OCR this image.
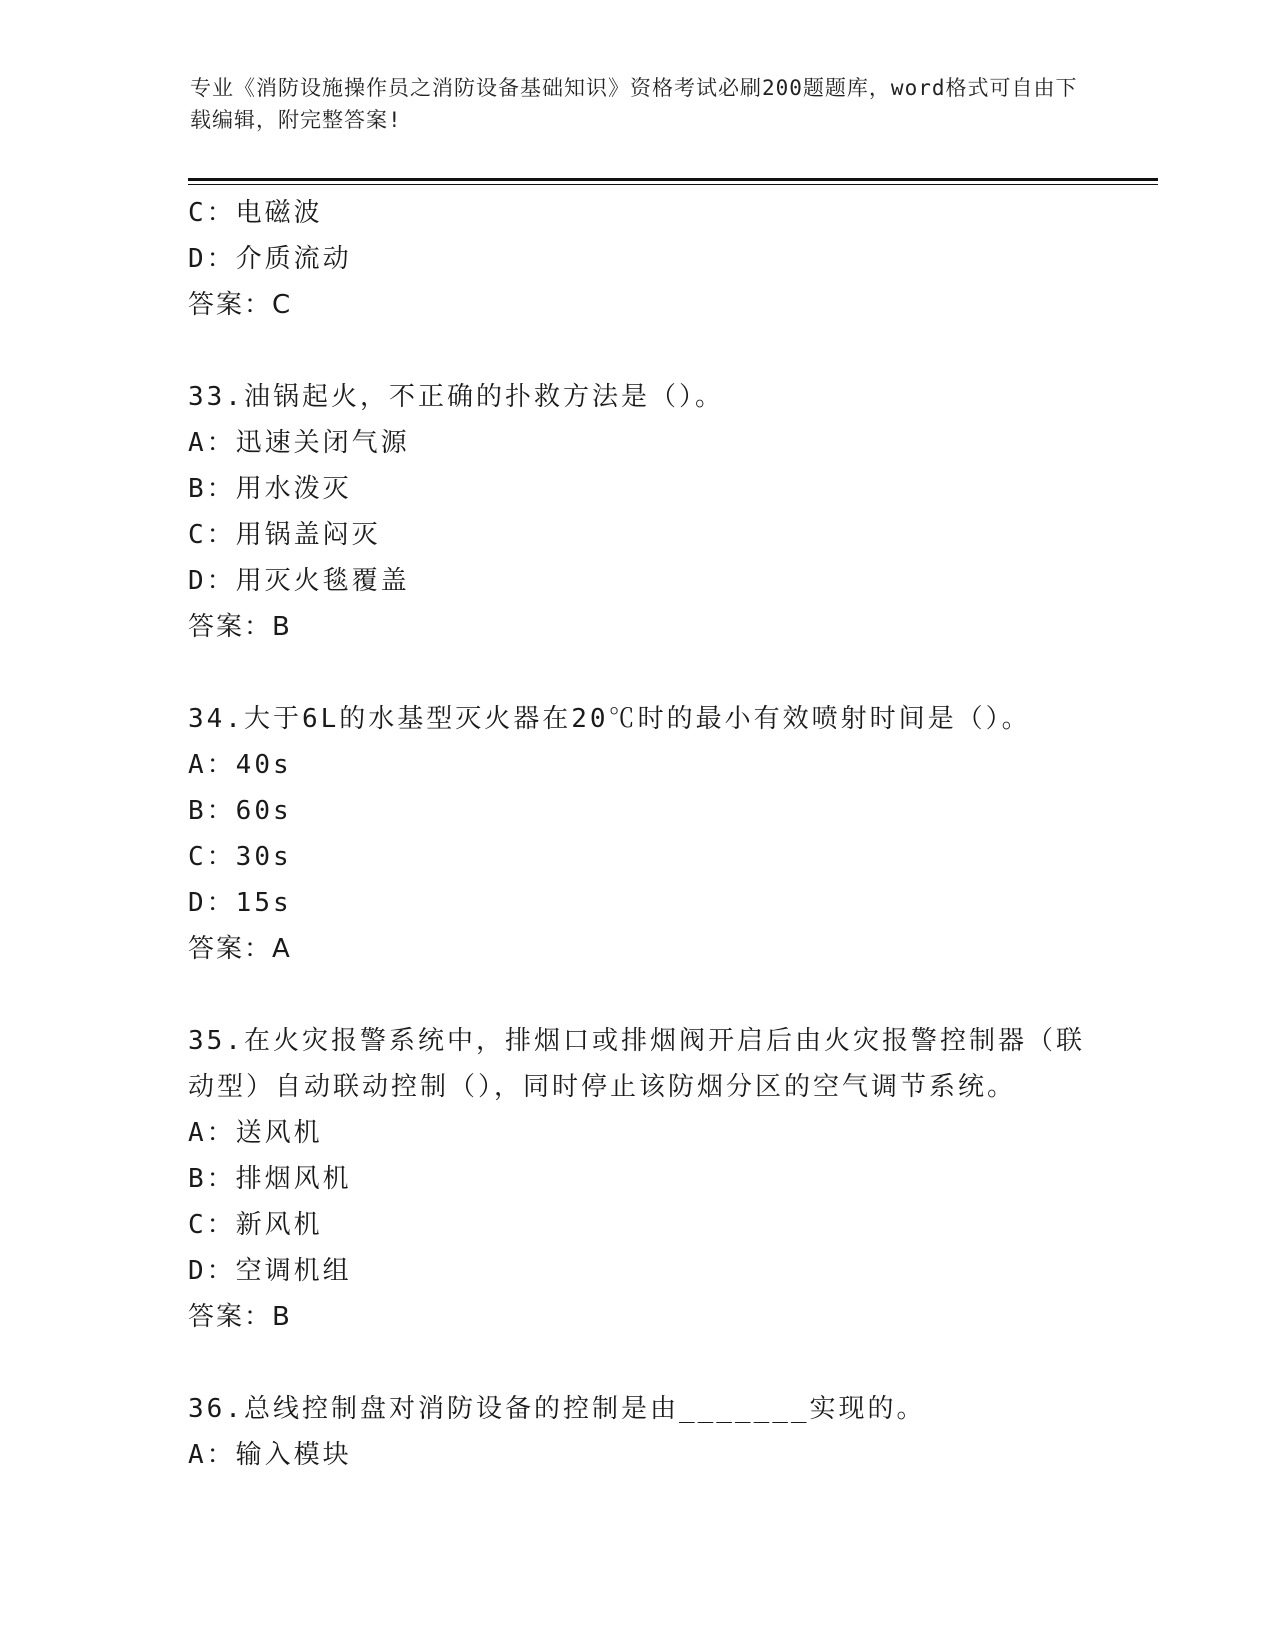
专业《消防设施操作员之消防设备基础知识》资格考试必刷200题题库，word格式可自由下载编辑，附完整答案!
C：电磁波
D：介质流动
答案：C
33.油锅起火，不正确的扑救方法是（）。
A：迅速关闭气源
B：用水泼灭
C：用锅盖闷灭
D：用灭火毯覆盖
答案：B
34.大于6L的水基型灭火器在20℃时的最小有效喷射时间是（）。
A：40s
B：60s
C：30s
D：15s
答案：A
35.在火灾报警系统中，排烟口或排烟阀开启后由火灾报警控制器（联动型）自动联动控制（），同时停止该防烟分区的空气调节系统。
A：送风机
B：排烟风机
C：新风机
D：空调机组
答案：B
36.总线控制盘对消防设备的控制是由_______实现的。
A：输入模块
